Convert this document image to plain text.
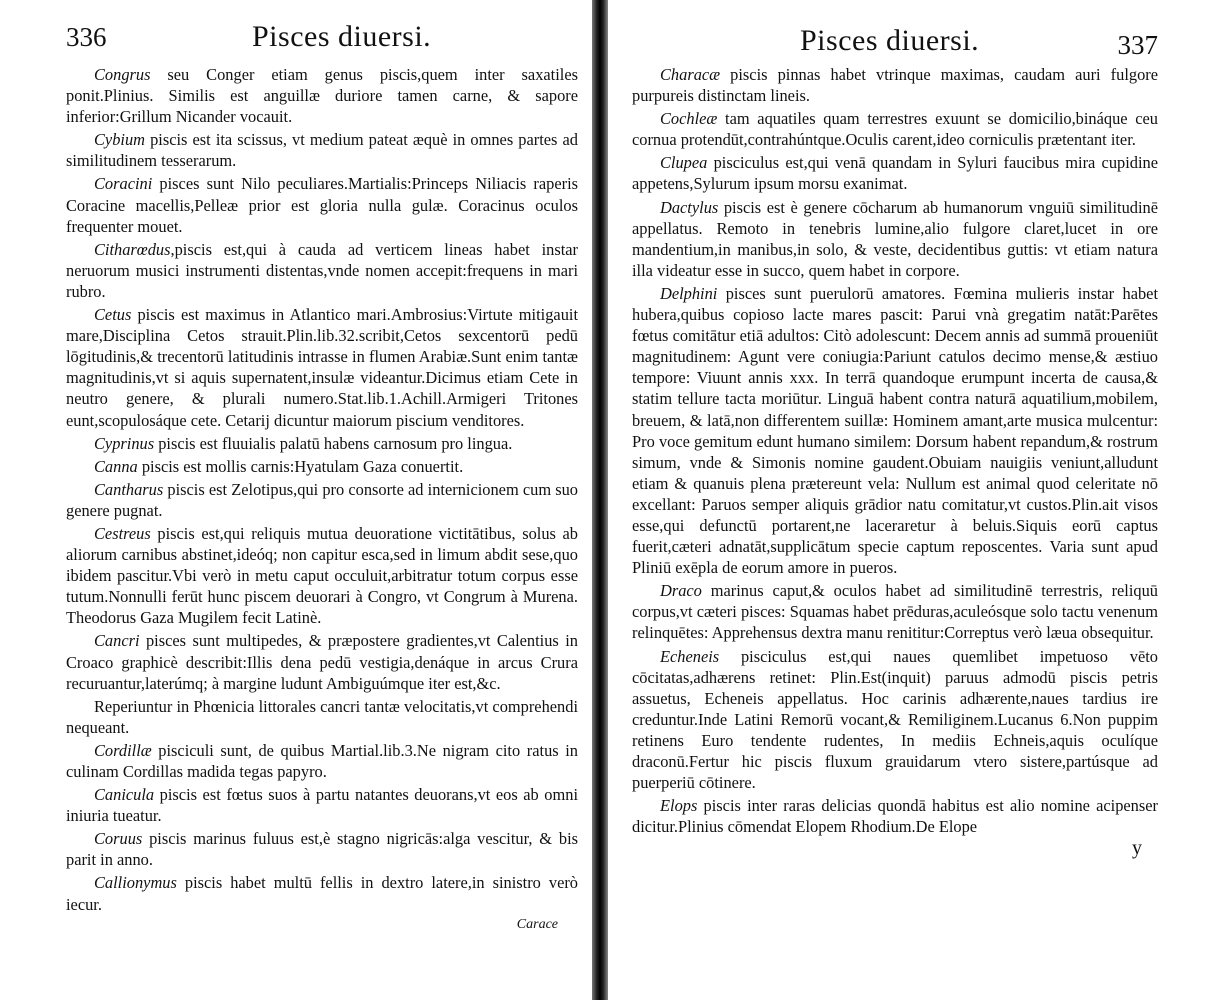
336	Pisces diuersi.

Congrus seu Conger etiam genus piscis,quem inter saxatiles ponit.Plinius. Similis est anguillæ duriore tamen carne, & sapore inferior:Grillum Nicander vocauit.

Cybium piscis est ita scissus, vt medium pateat æquè in omnes partes ad similitudinem tesserarum.

Coracini pisces sunt Nilo peculiares.Martialis:Princeps Niliacis raperis Coracine macellis,Pelleæ prior est gloria nulla gulæ. Coracinus oculos frequenter mouet.

Citharœdus,piscis est,qui à cauda ad verticem lineas habet instar neruorum musici instrumenti distentas,vnde nomen accepit:frequens in mari rubro.

Cetus piscis est maximus in Atlantico mari.Ambrosius:Virtute mitigauit mare,Disciplina Cetos strauit.Plin.lib.32.scribit,Cetos sexcentorū pedū lōgitudinis,& trecentorū latitudinis intrasse in flumen Arabiæ.Sunt enim tantæ magnitudinis,vt si aquis supernatent,insulæ videantur.Dicimus etiam Cete in neutro genere, & plurali numero.Stat.lib.1.Achill.Armigeri Tritones eunt,scopulosáque cete. Cetarij dicuntur maiorum piscium venditores.

Cyprinus piscis est fluuialis palatū habens carnosum pro lingua.

Canna piscis est mollis carnis:Hyatulam Gaza conuertit.

Cantharus piscis est Zelotipus,qui pro consorte ad internicionem cum suo genere pugnat.

Cestreus piscis est,qui reliquis mutua deuoratione victitātibus, solus ab aliorum carnibus abstinet,ideóq; non capitur esca,sed in limum abdit sese,quo ibidem pascitur.Vbi verò in metu caput occuluit,arbitratur totum corpus esse tutum.Nonnulli ferūt hunc piscem deuorari à Congro, vt Congrum à Murena. Theodorus Gaza Mugilem fecit Latinè.

Cancri pisces sunt multipedes, & præpostere gradientes,vt Calentius in Croaco graphicè describit:Illis dena pedū vestigia,denáque in arcus Crura recuruantur,laterúmq; à margine ludunt Ambiguúmque iter est,&c.

Reperiuntur in Phœnicia littorales cancri tantæ velocitatis,vt comprehendi nequeant.

Cordillæ pisciculi sunt, de quibus Martial.lib.3.Ne nigram cito ratus in culinam Cordillas madida tegas papyro.

Canicula piscis est fœtus suos à partu natantes deuorans,vt eos ab omni iniuria tueatur.

Coruus piscis marinus fuluus est,è stagno nigricās:alga vescitur, & bis parit in anno.

Callionymus piscis habet multū fellis in dextro latere,in sinistro verò iecur.

Carace
Pisces diuersi.	337

Characæ piscis pinnas habet vtrinque maximas, caudam auri fulgore purpureis distinctam lineis.

Cochleæ tam aquatiles quam terrestres exuunt se domicilio,bináque ceu cornua protendūt,contrahúntque.Oculis carent,ideo corniculis prætentant iter.

Clupea pisciculus est,qui venā quandam in Syluri faucibus mira cupidine appetens,Sylurum ipsum morsu exanimat.

Dactylus piscis est è genere cōcharum ab humanorum vnguiū similitudinē appellatus. Remoto in tenebris lumine,alio fulgore claret,lucet in ore mandentium,in manibus,in solo, & veste, decidentibus guttis: vt etiam natura illa videatur esse in succo, quem habet in corpore.

Delphini pisces sunt puerulorū amatores. Fœmina mulieris instar habet hubera,quibus copioso lacte mares pascit: Parui vnà gregatim natāt:Parētes fœtus comitātur etiā adultos: Citò adolescunt: Decem annis ad summā proueniūt magnitudinem: Agunt vere coniugia:Pariunt catulos decimo mense,& æstiuo tempore: Viuunt annis xxx. In terrā quandoque erumpunt incerta de causa,& statim tellure tacta moriūtur. Linguā habent contra naturā aquatilium,mobilem, breuem, & latā,non differentem suillæ: Hominem amant,arte musica mulcentur: Pro voce gemitum edunt humano similem: Dorsum habent repandum,& rostrum simum, vnde & Simonis nomine gaudent.Obuiam nauigiis veniunt,alludunt etiam & quanuis plena prætereunt vela: Nullum est animal quod celeritate nō excellant: Paruos semper aliquis grādior natu comitatur,vt custos.Plin.ait visos esse,qui defunctū portarent,ne laceraretur à beluis.Siquis eorū captus fuerit,cæteri adnatāt,supplicātum specie captum reposcentes. Varia sunt apud Pliniū exēpla de eorum amore in pueros.

Draco marinus caput,& oculos habet ad similitudinē terrestris, reliquū corpus,vt cæteri pisces: Squamas habet prēduras,aculeósque solo tactu venenum relinquētes: Apprehensus dextra manu renititur:Correptus verò læua obsequitur.

Echeneis pisciculus est,qui naues quemlibet impetuoso vēto cōcitatas,adhærens retinet: Plin.Est(inquit) paruus admodū piscis petris assuetus, Echeneis appellatus. Hoc carinis adhærente,naues tardius ire creduntur.Inde Latini Remorū vocant,& Remiliginem.Lucanus 6.Non puppim retinens Euro tendente rudentes, In mediis Echneis,aquis oculíque draconū.Fertur hic piscis fluxum grauidarum vtero sistere,partúsque ad puerperiū cōtinere.

Elops piscis inter raras delicias quondā habitus est alio nomine acipenser dicitur.Plinius cōmendat Elopem Rhodium.De Elope

y
